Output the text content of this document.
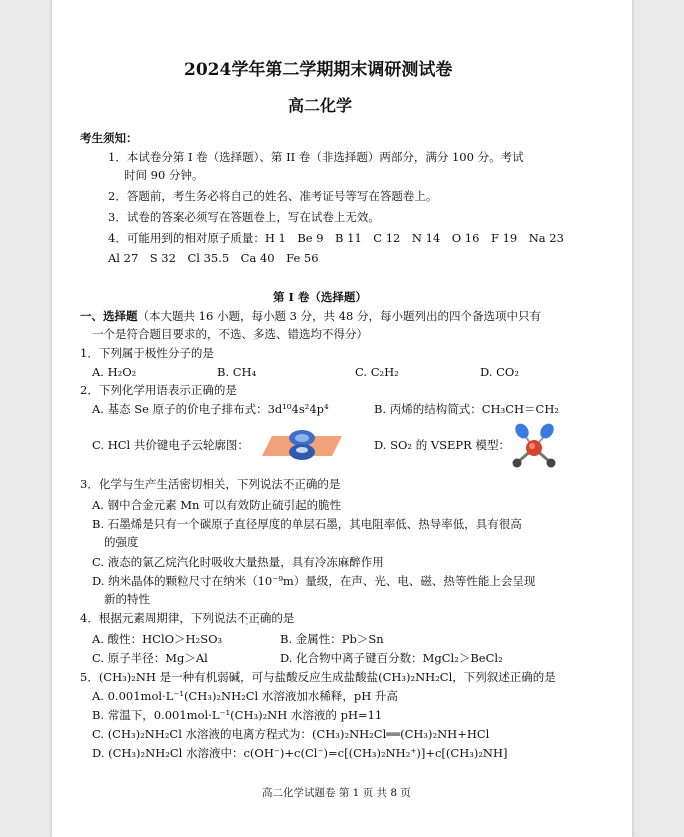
2024学年第二学期期末调研测试卷
高二化学
考生须知：
1．本试卷分第 I 卷（选择题）、第 II 卷（非选择题）两部分，满分 100 分。考试
时间 90 分钟。
2．答题前，考生务必将自己的姓名、准考证号等写在答题卷上。
3．试卷的答案必须写在答题卷上，写在试卷上无效。
4．可能用到的相对原子质量：H 1　Be 9　B 11　C 12　N 14　O 16　F 19　Na 23
Al 27　S 32　Cl 35.5　Ca 40　Fe 56
第 I 卷（选择题）
一、选择题（本大题共 16 小题，每小题 3 分，共 48 分，每小题列出的四个备选项中只有
一个是符合题目要求的，不选、多选、错选均不得分）
1．下列属于极性分子的是
A. H₂O₂	B. CH₄	C. C₂H₂	D. CO₂
2．下列化学用语表示正确的是
A. 基态 Se 原子的价电子排布式：3d¹⁰4s²4p⁴	B. 丙烯的结构简式：CH₃CH＝CH₂
C. HCl 共价键电子云轮廓图：	D. SO₂ 的 VSEPR 模型：
3．化学与生产生活密切相关，下列说法不正确 · ·的是
A. 钢中合金元素 Mn 可以有效防止硫引起的脆性
B. 石墨烯是只有一个碳原子直径厚度的单层石墨，其电阻率低、热导率低，具有很高
的强度
C. 液态的氯乙烷汽化时吸收大量热量，具有冷冻麻醉作用
D. 纳米晶体的颗粒尺寸在纳米（10⁻⁹m）量级，在声、光、电、磁、热等性能上会呈现
新的特性
4．根据元素周期律，下列说法不正确 · ·的是
A. 酸性：HClO＞H₂SO₃	B. 金属性：Pb＞Sn
C. 原子半径：Mg＞Al	D. 化合物中离子键百分数：MgCl₂＞BeCl₂
5．(CH₃)₂NH 是一种有机弱碱，可与盐酸反应生成盐酸盐(CH₃)₂NH₂Cl，下列叙述正确的是
A. 0.001mol·L⁻¹(CH₃)₂NH₂Cl 水溶液加水稀释，pH 升高
B. 常温下，0.001mol·L⁻¹(CH₃)₂NH 水溶液的 pH=11
C. (CH₃)₂NH₂Cl 水溶液的电离方程式为：(CH₃)₂NH₂Cl══(CH₃)₂NH+HCl
D. (CH₃)₂NH₂Cl 水溶液中：c(OH⁻)+c(Cl⁻)=c[(CH₃)₂NH₂⁺)]+c[(CH₃)₂NH]
高二化学试题卷 第 1 页 共 8 页
